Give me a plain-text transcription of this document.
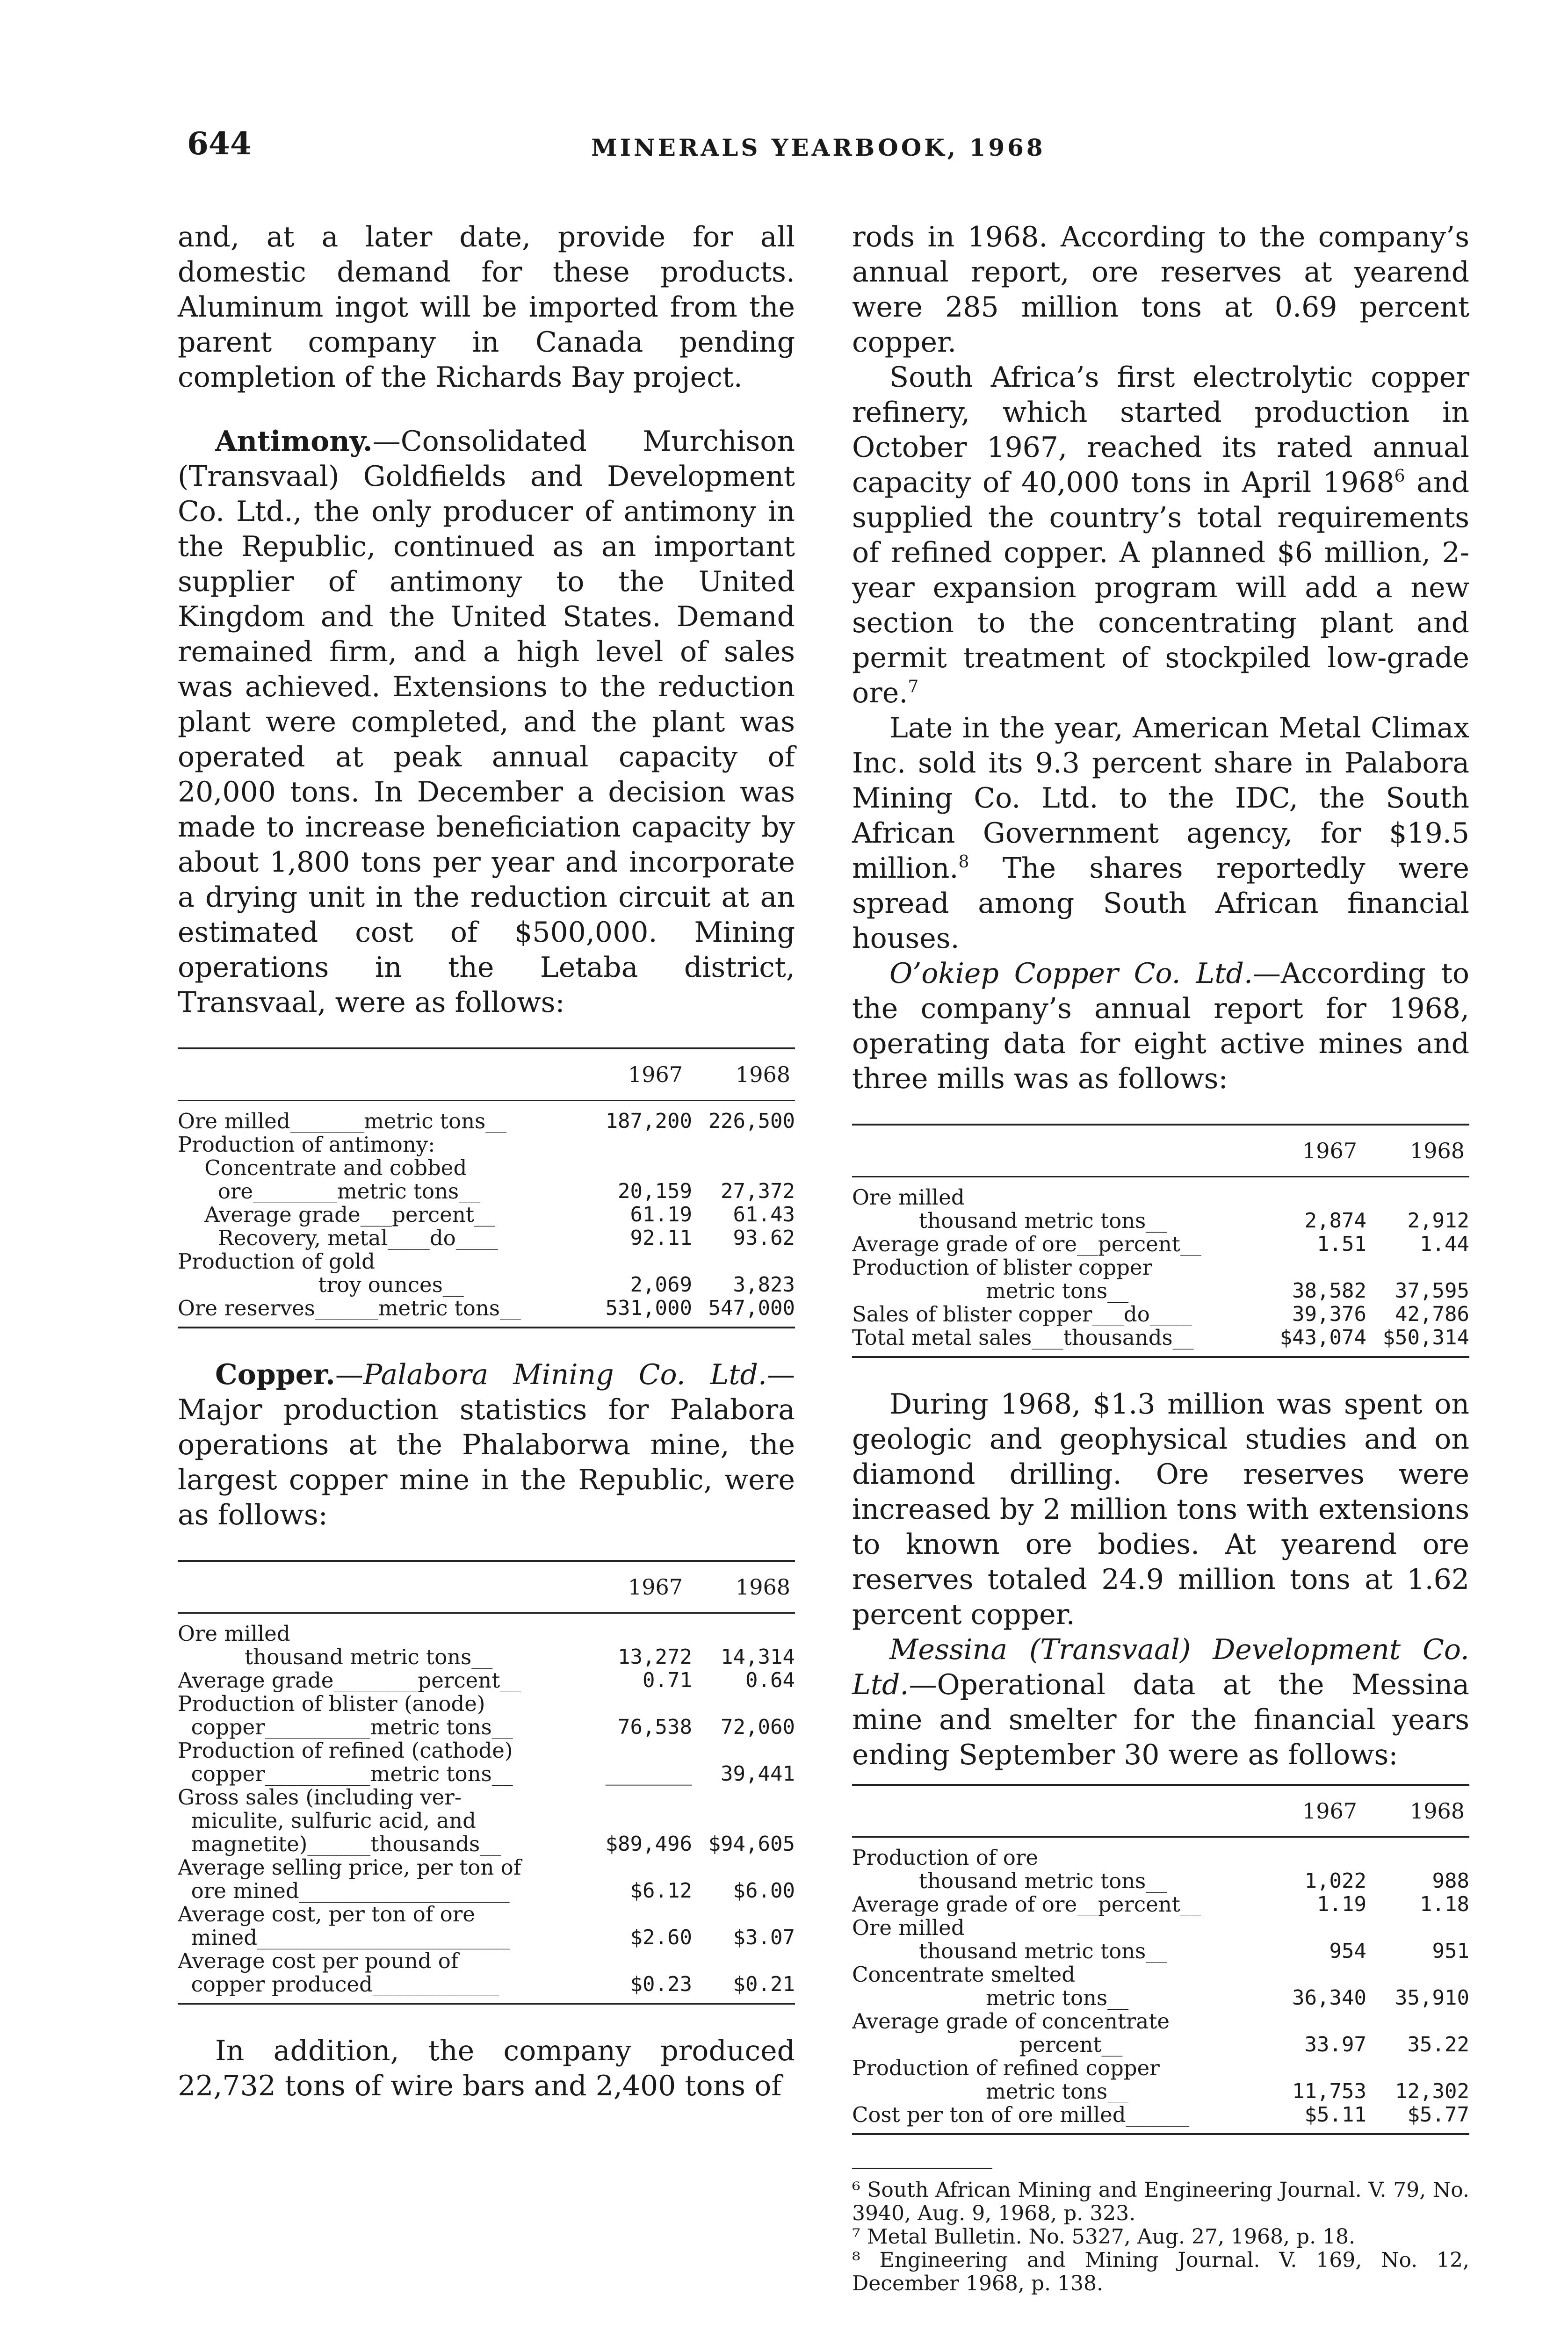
644	MINERALS YEARBOOK, 1968

and, at a later date, provide for all domestic demand for these products. Aluminum ingot will be imported from the parent company in Canada pending completion of the Richards Bay project.

Antimony.—Consolidated Murchison (Transvaal) Goldfields and Development Co. Ltd., the only producer of antimony in the Republic, continued as an important supplier of antimony to the United Kingdom and the United States. Demand remained firm, and a high level of sales was achieved. Extensions to the reduction plant were completed, and the plant was operated at peak annual capacity of 20,000 tons. In December a decision was made to increase beneficiation capacity by about 1,800 tons per year and incorporate a drying unit in the reduction circuit at an estimated cost of $500,000. Mining operations in the Letaba district, Transvaal, were as follows:

1967	1968
Ore milled_______metric tons__	187,200 226,500
Production of antimony:
Concentrate and cobbed
ore________metric tons__	20,159	27,372
Average grade___percent__	61.19	61.43
Recovery, metal____do____	92.11	93.62
Production of gold
troy ounces__	2,069	3,823
Ore reserves______metric tons__	531,000 547,000

Copper.—Palabora Mining Co. Ltd.—Major production statistics for Palabora operations at the Phalaborwa mine, the largest copper mine in the Republic, were as follows:

1967	1968
Ore milled
thousand metric tons__	13,272	14,314
Average grade________percent__	0.71	0.64
Production of blister (anode)
copper__________metric tons__	76,538	72,060
Production of refined (cathode)
copper__________metric tons__	_______	39,441
Gross sales (including ver-
miculite, sulfuric acid, and
magnetite)______thousands__	$89,496 $94,605
Average selling price, per ton of
ore mined____________________	$6.12	$6.00
Average cost, per ton of ore
mined________________________	$2.60	$3.07
Average cost per pound of
copper produced____________	$0.23	$0.21

In addition, the company produced 22,732 tons of wire bars and 2,400 tons of

rods in 1968. According to the company’s annual report, ore reserves at yearend were 285 million tons at 0.69 percent copper.

South Africa’s first electrolytic copper refinery, which started production in October 1967, reached its rated annual capacity of 40,000 tons in April 1968$^6$ and supplied the country’s total requirements of refined copper. A planned $6 million, 2-year expansion program will add a new section to the concentrating plant and permit treatment of stockpiled low-grade ore.$^7$

Late in the year, American Metal Climax Inc. sold its 9.3 percent share in Palabora Mining Co. Ltd. to the IDC, the South African Government agency, for $19.5 million.$^8$ The shares reportedly were spread among South African financial houses.

O’okiep Copper Co. Ltd.—According to the company’s annual report for 1968, operating data for eight active mines and three mills was as follows:

1967	1968
Ore milled
thousand metric tons__	2,874	2,912
Average grade of ore__percent__	1.51	1.44
Production of blister copper
metric tons__	38,582	37,595
Sales of blister copper___do____	39,376	42,786
Total metal sales___thousands__	$43,074 $50,314

During 1968, $1.3 million was spent on geologic and geophysical studies and on diamond drilling. Ore reserves were increased by 2 million tons with extensions to known ore bodies. At yearend ore reserves totaled 24.9 million tons at 1.62 percent copper.

Messina (Transvaal) Development Co. Ltd.—Operational data at the Messina mine and smelter for the financial years ending September 30 were as follows:

1967	1968
Production of ore
thousand metric tons__	1,022	988
Average grade of ore__percent__	1.19	1.18
Ore milled
thousand metric tons__	954	951
Concentrate smelted
metric tons__	36,340	35,910
Average grade of concentrate
percent__	33.97	35.22
Production of refined copper
metric tons__	11,753	12,302
Cost per ton of ore milled______	$5.11	$5.77

⁶ South African Mining and Engineering Journal. V. 79, No. 3940, Aug. 9, 1968, p. 323.

⁷ Metal Bulletin. No. 5327, Aug. 27, 1968, p. 18.

⁸ Engineering and Mining Journal. V. 169, No. 12, December 1968, p. 138.
